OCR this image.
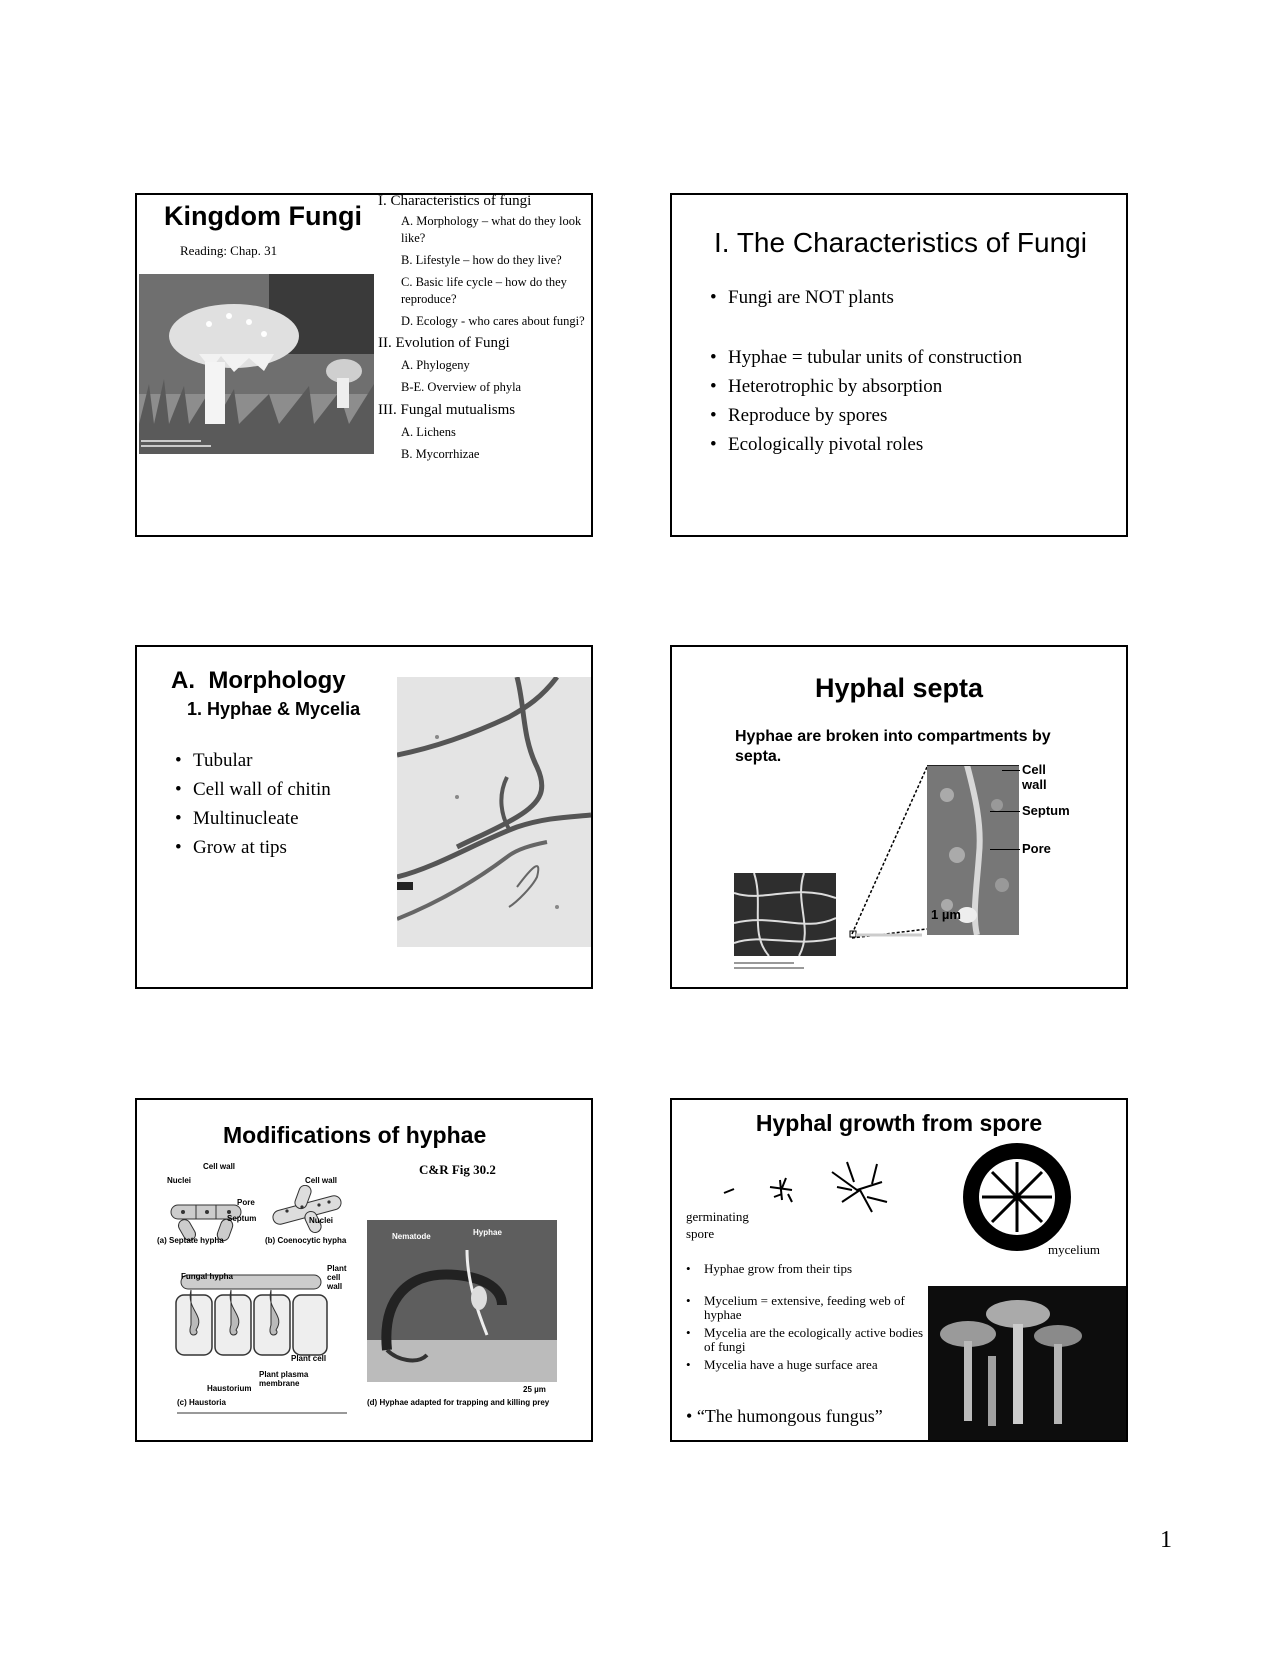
Kingdom Fungi
Reading: Chap. 31
I. Characteristics of fungi
A. Morphology – what do they look like?
B. Lifestyle – how do they live?
C. Basic life cycle – how do they reproduce?
D. Ecology - who cares about fungi?
II. Evolution of Fungi
A. Phylogeny
B-E. Overview of phyla
III. Fungal mutualisms
A. Lichens
B. Mycorrhizae
I. The Characteristics of Fungi
• Fungi are NOT plants
• Hyphae = tubular units of construction
• Heterotrophic by absorption
• Reproduce by spores
• Ecologically pivotal roles
A.  Morphology
1. Hyphae & Mycelia
• Tubular
• Cell wall of chitin
• Multinucleate
• Grow at tips
Hyphal septa
Hyphae are broken into compartments by septa.
1 µm
Cell wall
Septum
Pore
Modifications of hyphae
C&R Fig 30.2
Cell wall
Nuclei
Pore
Septum
(a) Septate hypha
Cell wall
Nuclei
(b) Coenocytic hypha
Fungal hypha
Plant cell wall
Plant cell
Plant plasma membrane
Haustorium
(c) Haustoria
Nematode	Hyphae
25 µm
(d) Hyphae adapted for trapping and killing prey
Hyphal growth from spore
germinating spore
mycelium
• Hyphae grow from their tips
• Mycelium = extensive, feeding web of hyphae
• Mycelia are the ecologically active bodies of fungi
• Mycelia have a huge surface area
• “The humongous fungus”
1
